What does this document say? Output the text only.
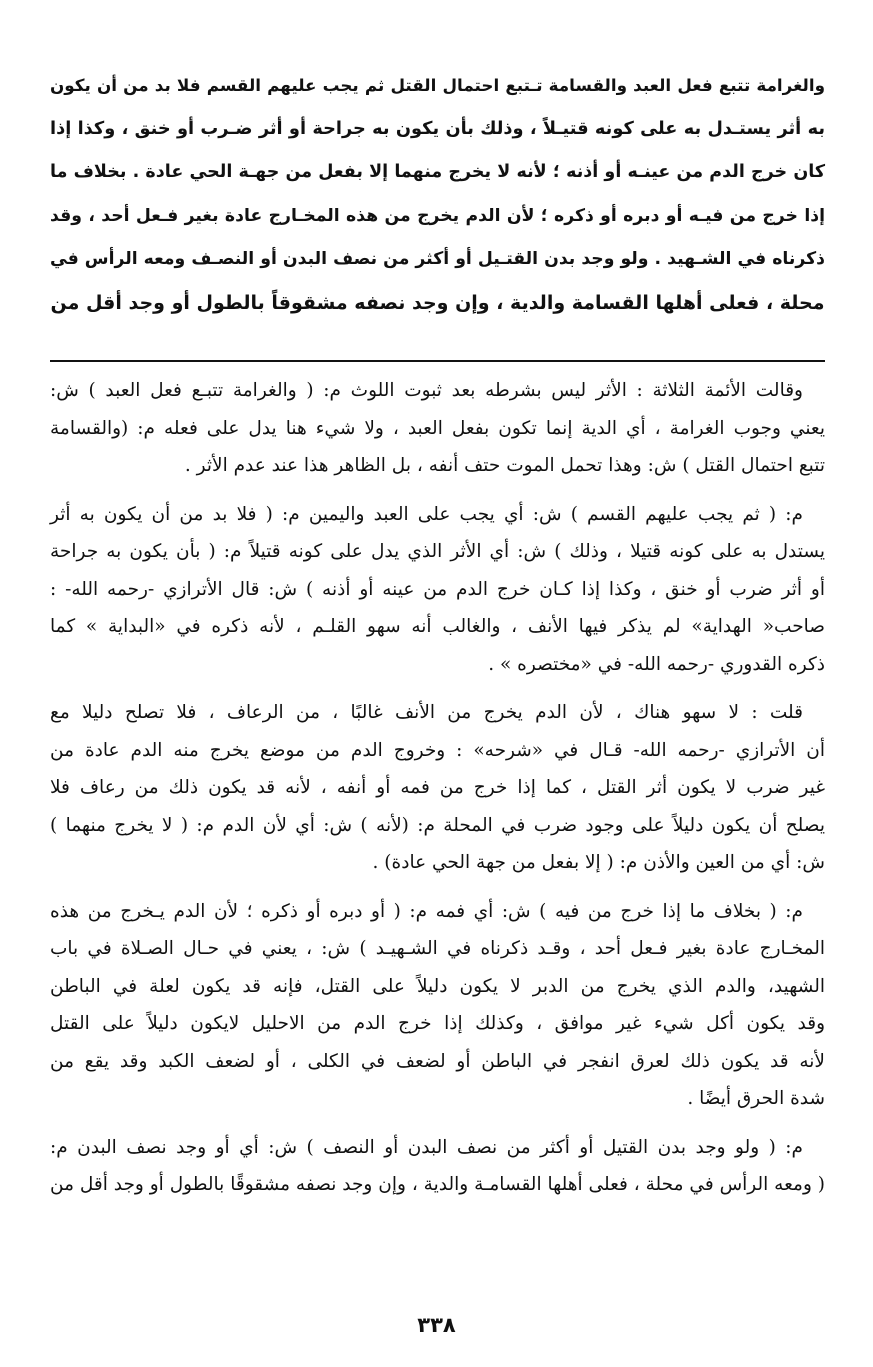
والغرامة تتبع فعل العبد والقسامة تـتبع احتمال القتل ثم يجب عليهم القسم فلا بد من أن يكون
به أثر يستـدل به على كونه قتيـلاً ، وذلك بأن يكون به جراحة أو أثر ضـرب أو خنق ، وكذا إذا
كان خرج الدم من عينـه أو أذنه ؛ لأنه لا يخرج منهما إلا بفعل من جهـة الحي عادة . بخلاف ما
إذا خرج من فيـه أو دبره أو ذكره ؛ لأن الدم يخرج من هذه المخـارج عادة بغير فـعل أحد ، وقد
ذكرناه في الشـهيد . ولو وجد بدن القتـيل أو أكثر من نصف البدن أو النصـف ومعه الرأس في
محلة ، فعلى أهلها القسامة والدية ، وإن وجد نصفه مشقوقاً بالطول أو وجد أقل من
وقالت الأئمة الثلاثة : الأثر ليس بشرطه بعد ثبوت اللوث م: ( والغرامة تتبـع فعل العبد ) ش:
يعني وجوب الغرامة ، أي الدية إنما تكون بفعل العبد ، ولا شيء هنا يدل على فعله م: (والقسامة
تتبع احتمال القتل ) ش: وهذا تحمل الموت حتف أنفه ، بل الظاهر هذا عند عدم الأثر .
م: ( ثم يجب عليهم القسم ) ش: أي يجب على العبد واليمين م: ( فلا بد من أن يكون به أثر
يستدل به على كونه قتيلا ، وذلك ) ش: أي الأثر الذي يدل على كونه قتيلاً م: ( بأن يكون به جراحة
أو أثر ضرب أو خنق ، وكذا إذا كـان خرج الدم من عينه أو أذنه ) ش: قال الأترازي -رحمه الله- :
صاحب« الهداية» لم يذكر فيها الأنف ، والغالب أنه سهو القلـم ، لأنه ذكره في «البداية » كما
ذكره القدوري -رحمه الله- في «مختصره » .
قلت : لا سهو هناك ، لأن الدم يخرج من الأنف غالبًا ، من الرعاف ، فلا تصلح دليلا مع
أن الأترازي -رحمه الله- قـال في «شرحه» : وخروج الدم من موضع يخرج منه الدم عادة من
غير ضرب لا يكون أثر القتل ، كما إذا خرج من فمه أو أنفه ، لأنه قد يكون ذلك من رعاف فلا
يصلح أن يكون دليلاً على وجود ضرب في المحلة م: (لأنه ) ش: أي لأن الدم م: ( لا يخرج منهما )
ش: أي من العين والأذن م: ( إلا بفعل من جهة الحي عادة) .
م: ( بخلاف ما إذا خرج من فيه ) ش: أي فمه م: ( أو دبره أو ذكره ؛ لأن الدم يـخرج من هذه
المخـارج عادة بغير فـعل أحد ، وقـد ذكرناه في الشـهيـد ) ش: ، يعني في حـال الصـلاة في باب
الشهيد، والدم الذي يخرج من الدبر لا يكون دليلاً على القتل، فإنه قد يكون لعلة في الباطن
وقد يكون أكل شيء غير موافق ، وكذلك إذا خرج الدم من الاحليل لايكون دليلاً على القتل
لأنه قد يكون ذلك لعرق انفجر في الباطن أو لضعف في الكلى ، أو لضعف الكبد وقد يقع من
شدة الحرق أيضًا .
م: ( ولو وجد بدن القتيل أو أكثر من نصف البدن أو النصف ) ش: أي أو وجد نصف البدن م:
( ومعه الرأس في محلة ، فعلى أهلها القسامـة والدية ، وإن وجد نصفه مشقوقًا بالطول أو وجد أقل من
٣٣٨
